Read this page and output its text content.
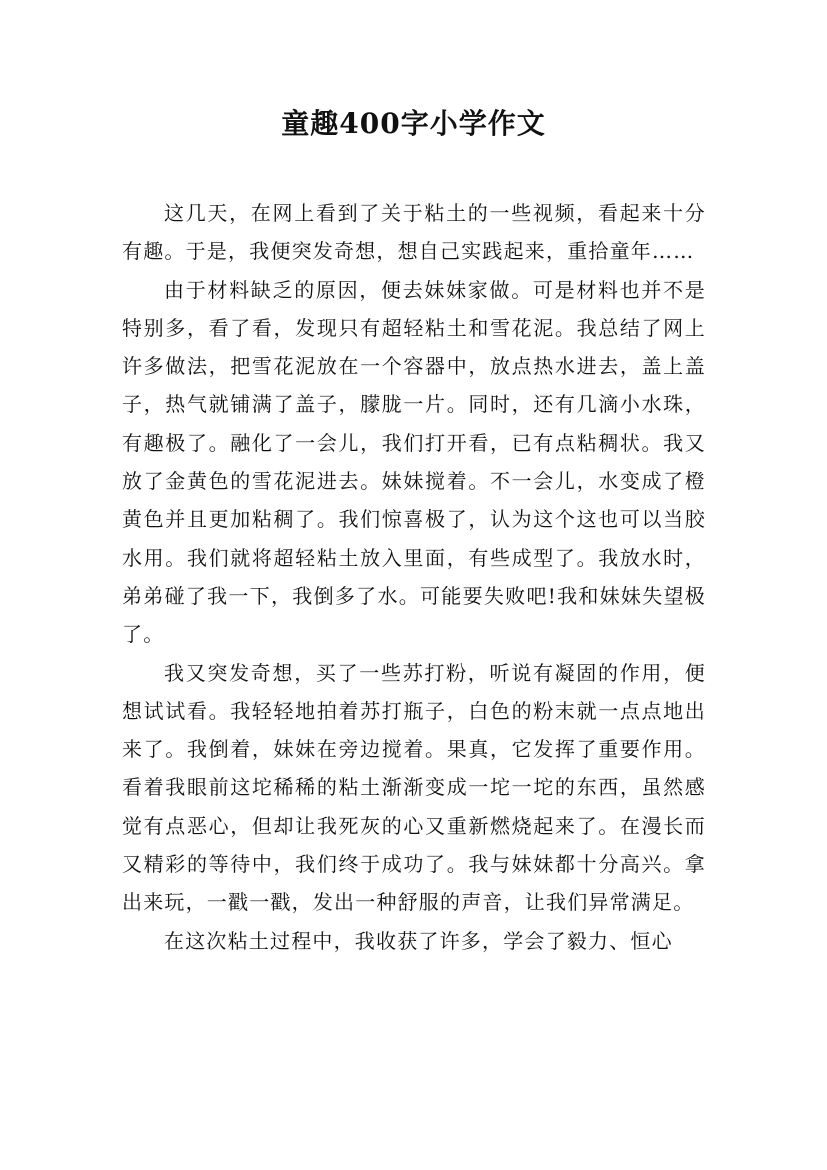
童趣400字小学作文

这几天，在网上看到了关于粘土的一些视频，看起来十分有趣。于是，我便突发奇想，想自己实践起来，重拾童年……

由于材料缺乏的原因，便去妹妹家做。可是材料也并不是特别多，看了看，发现只有超轻粘土和雪花泥。我总结了网上许多做法，把雪花泥放在一个容器中，放点热水进去，盖上盖子，热气就铺满了盖子，朦胧一片。同时，还有几滴小水珠，有趣极了。融化了一会儿，我们打开看，已有点粘稠状。我又放了金黄色的雪花泥进去。妹妹搅着。不一会儿，水变成了橙黄色并且更加粘稠了。我们惊喜极了，认为这个这也可以当胶水用。我们就将超轻粘土放入里面，有些成型了。我放水时，弟弟碰了我一下，我倒多了水。可能要失败吧!我和妹妹失望极了。

我又突发奇想，买了一些苏打粉，听说有凝固的作用，便想试试看。我轻轻地拍着苏打瓶子，白色的粉末就一点点地出来了。我倒着，妹妹在旁边搅着。果真，它发挥了重要作用。看着我眼前这坨稀稀的粘土渐渐变成一坨一坨的东西，虽然感觉有点恶心，但却让我死灰的心又重新燃烧起来了。在漫长而又精彩的等待中，我们终于成功了。我与妹妹都十分高兴。拿出来玩，一戳一戳，发出一种舒服的声音，让我们异常满足。

在这次粘土过程中，我收获了许多，学会了毅力、恒心
